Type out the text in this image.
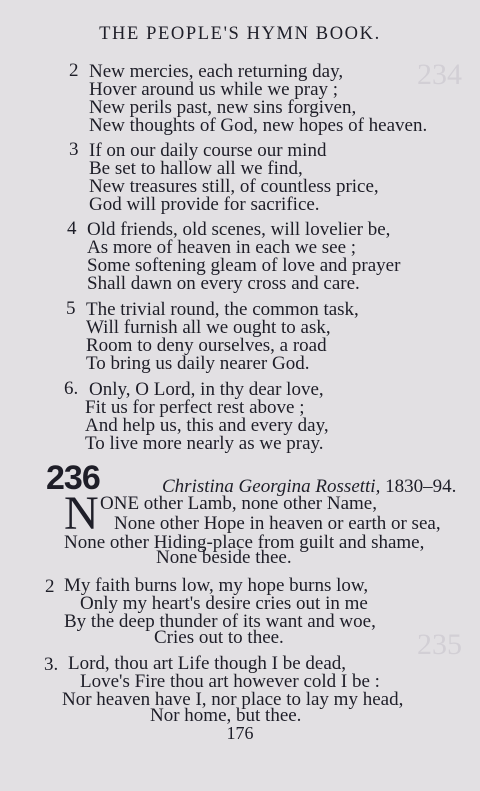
THE PEOPLE'S HYMN BOOK.
2 New mercies, each returning day,
Hover around us while we pray ;
New perils past, new sins forgiven,
New thoughts of God, new hopes of heaven.
3 If on our daily course our mind
Be set to hallow all we find,
New treasures still, of countless price,
God will provide for sacrifice.
4 Old friends, old scenes, will lovelier be,
As more of heaven in each we see ;
Some softening gleam of love and prayer
Shall dawn on every cross and care.
5 The trivial round, the common task,
Will furnish all we ought to ask,
Room to deny ourselves, a road
To bring us daily nearer God.
6. Only, O Lord, in thy dear love,
Fit us for perfect rest above ;
And help us, this and every day,
To live more nearly as we pray.
236	Christina Georgina Rossetti, 1830–94.
N ONE other Lamb, none other Name,
None other Hope in heaven or earth or sea,
None other Hiding-place from guilt and shame,
None beside thee.
2 My faith burns low, my hope burns low,
Only my heart's desire cries out in me
By the deep thunder of its want and woe,
Cries out to thee.
3. Lord, thou art Life though I be dead,
Love's Fire thou art however cold I be :
Nor heaven have I, nor place to lay my head,
Nor home, but thee.
176
234
235
